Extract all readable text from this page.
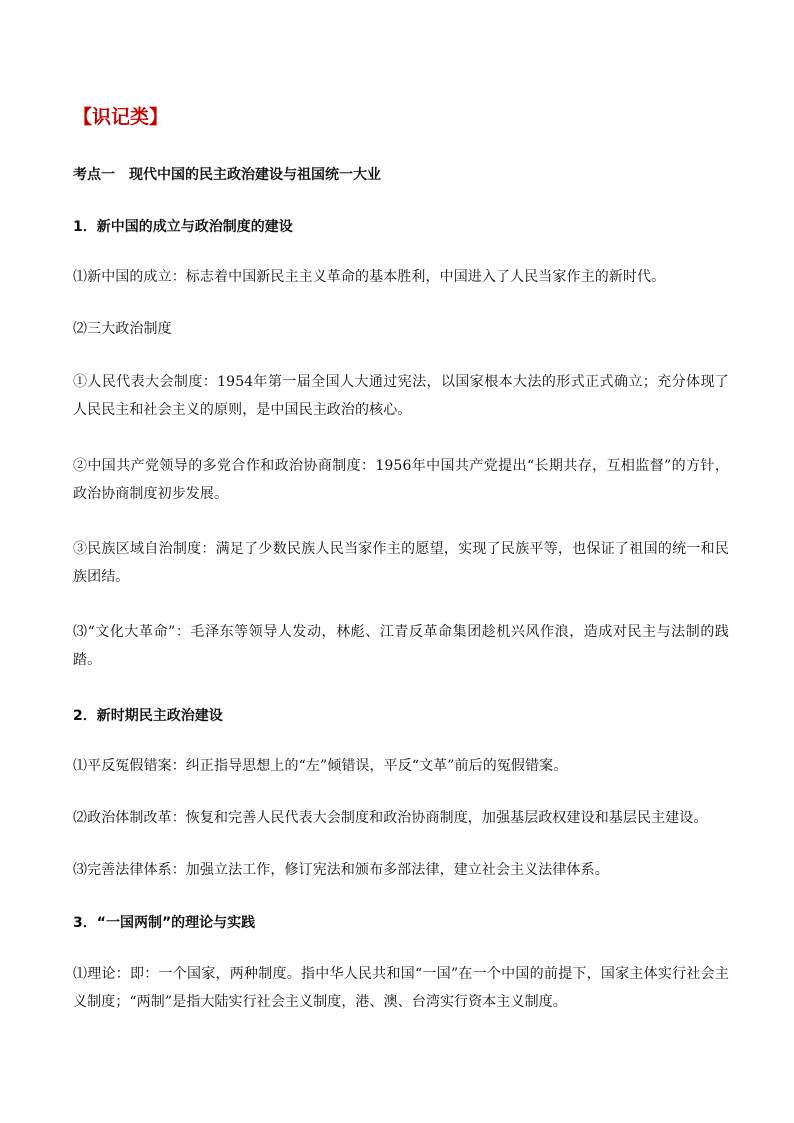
【识记类】
考点一 现代中国的民主政治建设与祖国统一大业
1．新中国的成立与政治制度的建设
⑴新中国的成立：标志着中国新民主主义革命的基本胜利，中国进入了人民当家作主的新时代。
⑵三大政治制度
①人民代表大会制度：1954年第一届全国人大通过宪法，以国家根本大法的形式正式确立；充分体现了人民民主和社会主义的原则，是中国民主政治的核心。
②中国共产党领导的多党合作和政治协商制度：1956年中国共产党提出“长期共存，互相监督”的方针，政治协商制度初步发展。
③民族区域自治制度：满足了少数民族人民当家作主的愿望，实现了民族平等，也保证了祖国的统一和民族团结。
⑶“文化大革命”：毛泽东等领导人发动，林彪、江青反革命集团趁机兴风作浪，造成对民主与法制的践踏。
2．新时期民主政治建设
⑴平反冤假错案：纠正指导思想上的“左”倾错误，平反“文革”前后的冤假错案。
⑵政治体制改革：恢复和完善人民代表大会制度和政治协商制度，加强基层政权建设和基层民主建设。
⑶完善法律体系：加强立法工作，修订宪法和颁布多部法律，建立社会主义法律体系。
3．“一国两制”的理论与实践
⑴理论：即：一个国家，两种制度。指中华人民共和国“一国”在一个中国的前提下，国家主体实行社会主义制度；“两制”是指大陆实行社会主义制度，港、澳、台湾实行资本主义制度。
